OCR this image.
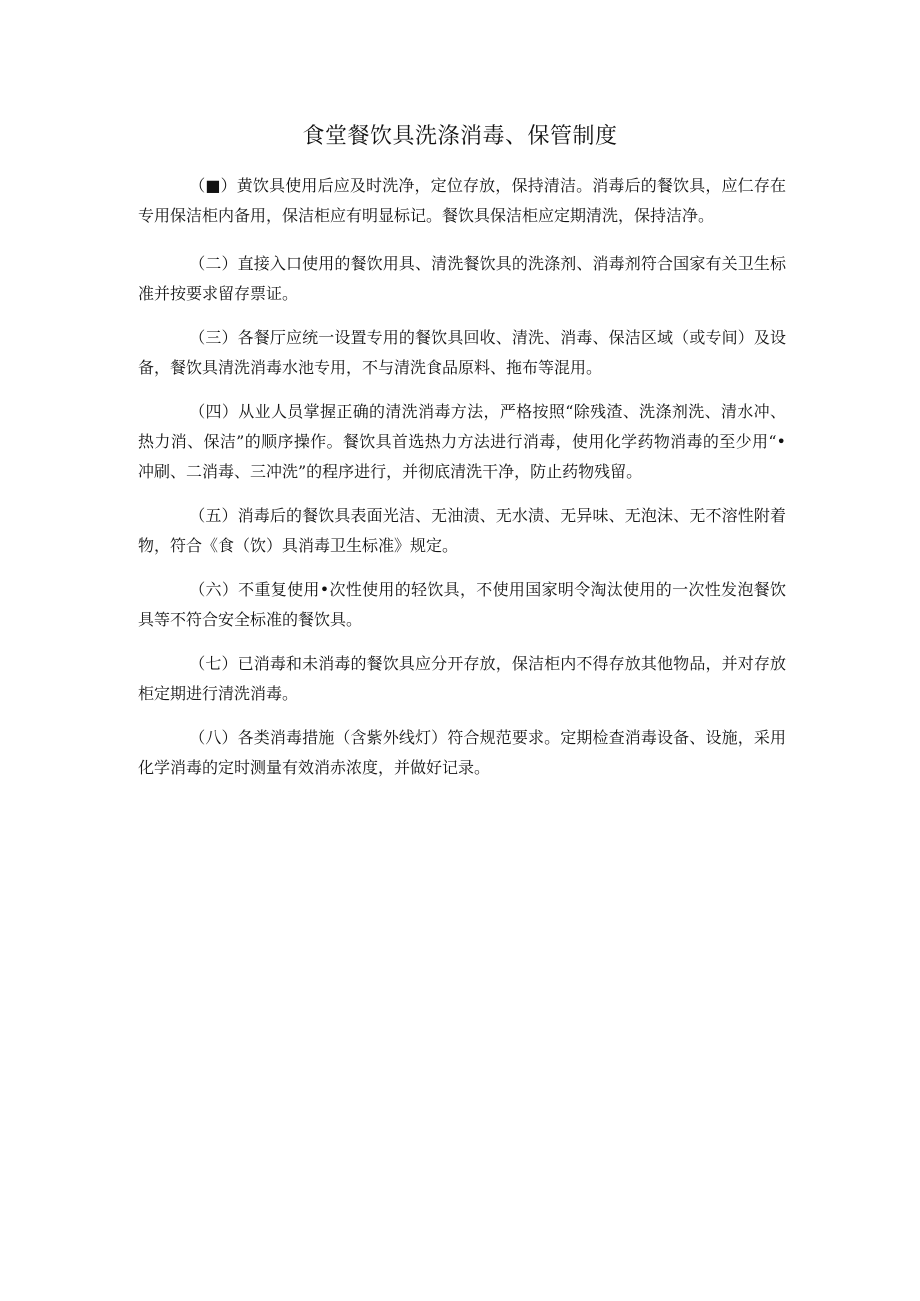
食堂餐饮具洗涤消毒、保管制度

（■）黄饮具使用后应及时洗净，定位存放，保持清洁。消毒后的餐饮具，应仁存在专用保洁柜内备用，保洁柜应有明显标记。餐饮具保洁柜应定期清洗，保持洁净。

（二）直接入口使用的餐饮用具、清洗餐饮具的洗涤剂、消毒剂符合国家有关卫生标准并按要求留存票证。

（三）各餐厅应统一设置专用的餐饮具回收、清洗、消毒、保洁区域（或专间）及设备，餐饮具清洗消毒水池专用，不与清洗食品原料、拖布等混用。

（四）从业人员掌握正确的清洗消毒方法，严格按照“除残渣、洗涤剂洗、清水冲、热力消、保洁”的顺序操作。餐饮具首选热力方法进行消毒，使用化学药物消毒的至少用“•冲刷、二消毒、三冲洗”的程序进行，并彻底清洗干净，防止药物残留。

（五）消毒后的餐饮具表面光洁、无油渍、无水渍、无异味、无泡沫、无不溶性附着物，符合《食（饮）具消毒卫生标准》规定。

（六）不重复使用•次性使用的轻饮具，不使用国家明令淘汰使用的一次性发泡餐饮具等不符合安全标准的餐饮具。

（七）已消毒和未消毒的餐饮具应分开存放，保洁柜内不得存放其他物品，并对存放柜定期进行清洗消毒。

（八）各类消毒措施（含紫外线灯）符合规范要求。定期检查消毒设备、设施，采用化学消毒的定时测量有效消赤浓度，并做好记录。
